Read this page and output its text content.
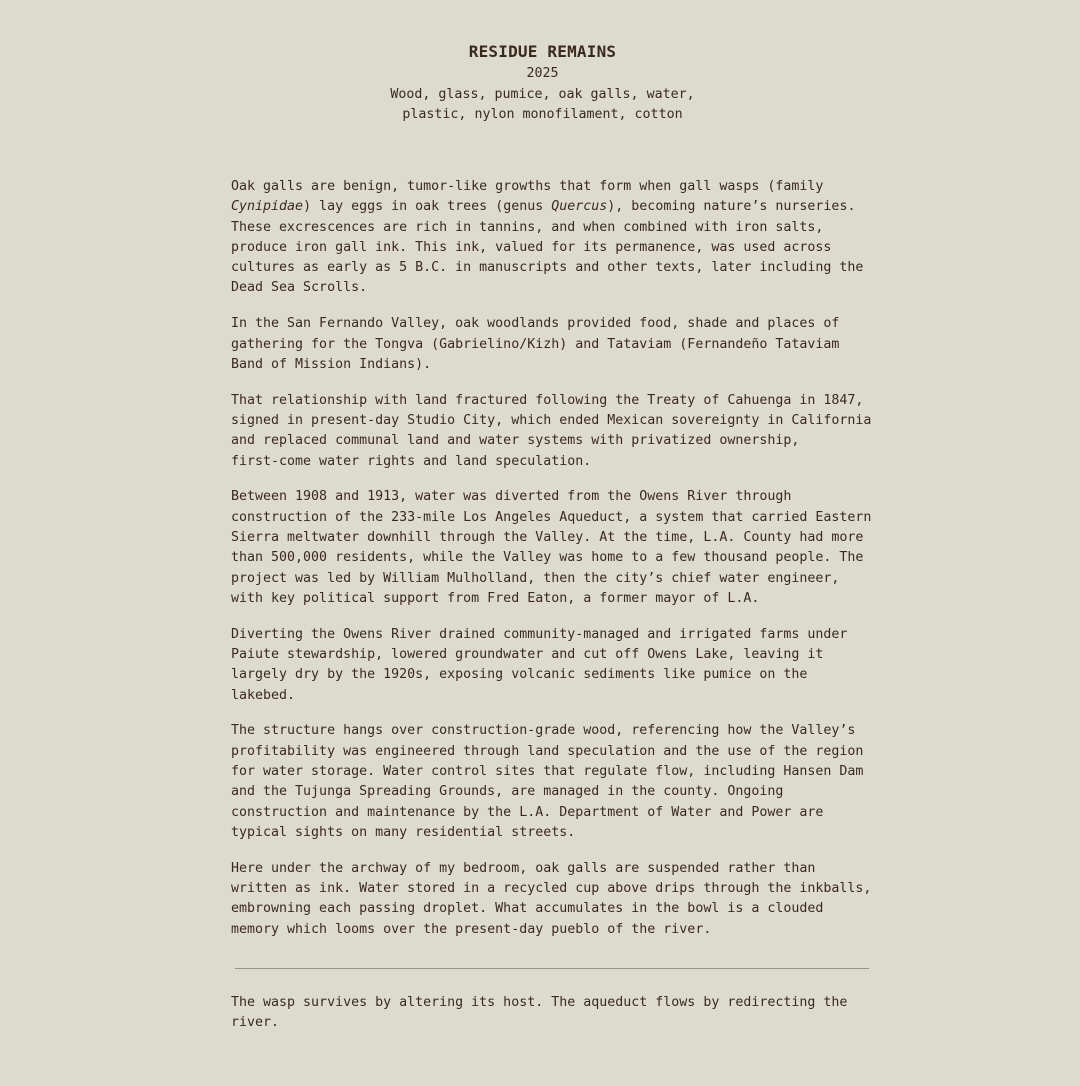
RESIDUE REMAINS

2025

Wood, glass, pumice, oak galls, water,

plastic, nylon monofilament, cotton

Oak galls are benign, tumor-like growths that form when gall wasps (family
Cynipidae) lay eggs in oak trees (genus Quercus), becoming nature’s nurseries.
These excrescences are rich in tannins, and when combined with iron salts,
produce iron gall ink. This ink, valued for its permanence, was used across
cultures as early as 5 B.C. in manuscripts and other texts, later including the
Dead Sea Scrolls.

In the San Fernando Valley, oak woodlands provided food, shade and places of
gathering for the Tongva (Gabrielino/Kizh) and Tataviam (Fernandeño Tataviam
Band of Mission Indians).

That relationship with land fractured following the Treaty of Cahuenga in 1847,
signed in present-day Studio City, which ended Mexican sovereignty in California
and replaced communal land and water systems with privatized ownership,
first-come water rights and land speculation.

Between 1908 and 1913, water was diverted from the Owens River through
construction of the 233-mile Los Angeles Aqueduct, a system that carried Eastern
Sierra meltwater downhill through the Valley. At the time, L.A. County had more
than 500,000 residents, while the Valley was home to a few thousand people. The
project was led by William Mulholland, then the city’s chief water engineer,
with key political support from Fred Eaton, a former mayor of L.A.

Diverting the Owens River drained community-managed and irrigated farms under
Paiute stewardship, lowered groundwater and cut off Owens Lake, leaving it
largely dry by the 1920s, exposing volcanic sediments like pumice on the
lakebed.

The structure hangs over construction-grade wood, referencing how the Valley’s
profitability was engineered through land speculation and the use of the region
for water storage. Water control sites that regulate flow, including Hansen Dam
and the Tujunga Spreading Grounds, are managed in the county. Ongoing
construction and maintenance by the L.A. Department of Water and Power are
typical sights on many residential streets.

Here under the archway of my bedroom, oak galls are suspended rather than
written as ink. Water stored in a recycled cup above drips through the inkballs,
embrowning each passing droplet. What accumulates in the bowl is a clouded
memory which looms over the present-day pueblo of the river.

The wasp survives by altering its host. The aqueduct flows by redirecting the
river.
